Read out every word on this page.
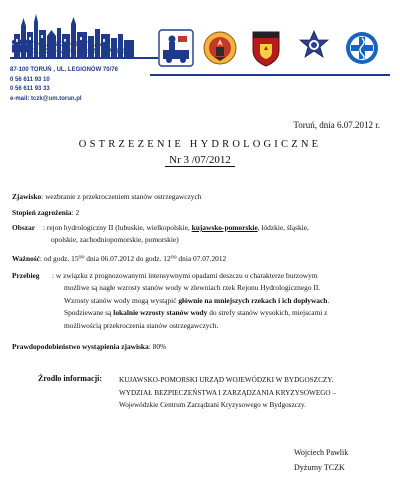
TORUŃSKIE CENTRUM
ZARZĄDZANIA KRYZYSOWEGO
87-100 TORUŃ , UL. LEGIONÓW 70/76
0 56 611 93 10
0 56 611 93 33
e-mail: tczk@um.torun.pl
Toruń, dnia 6.07.2012 r.
OSTRZEZENIE HYDROLOGICZNE
Nr 3 /07/2012
Zjawisko: wezbranie z przekroczeniem stanów ostrzegawczych
Stopień zagrożenia: 2
Obszar : rejon hydrologiczny II (lubuskie, wielkopolskie, kujawsko-pomorskie, łódzkie, śląskie,
opolskie, zachodniopomorskie, pomorskie)
Ważność: od godz. 15⁰⁰ dnia 06.07.2012 do godz. 12⁰⁰ dnia 07.07.2012
Przebieg : w związku z prognozowanymi intensywnymi opadami deszczu o charakterze burzowym
możliwe są nagłe wzrosty stanów wody w zlewniach rzek Rejonu Hydrologicznego II.
Wzrosty stanów wody mogą wystąpić głównie na mniejszych rzekach i ich dopływach.
Spodziewane są lokalnie wzrosty stanów wody do strefy stanów wysokich, miejscami z
możliwością przekroczenia stanów ostrzegawczych.
Prawdopodobieństwo wystąpienia zjawiska: 80%
Źrodło informacji: KUJAWSKO-POMORSKI URZĄD WOJEWÓDZKI W BYDGOSZCZY.
WYDZIAŁ BEZPIECZEŃSTWA I ZARZĄDZANIA KRYZYSOWEGO –
Wojewódzkie Centrum Zarządzani Kryzysowego w Bydgoszczy.
Wojciech Pawlik
Dyżurny TCZK
